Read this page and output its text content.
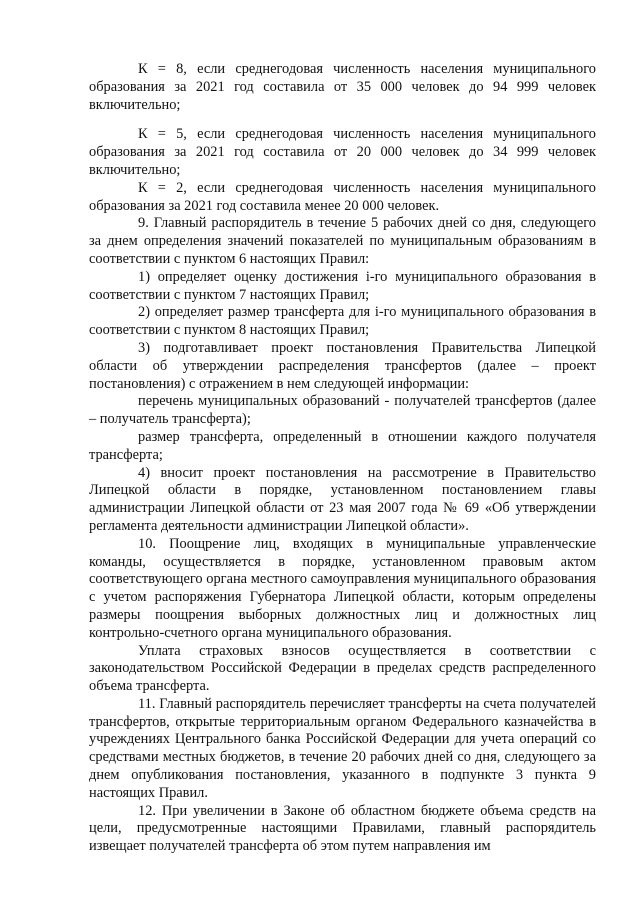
К = 8, если среднегодовая численность населения муниципального образования за 2021 год составила от 35 000 человек до 94 999 человек включительно;

К = 5, если среднегодовая численность населения муниципального образования за 2021 год составила от 20 000 человек до 34 999 человек включительно;

К = 2, если среднегодовая численность населения муниципального образования за 2021 год составила менее 20 000 человек.

9. Главный распорядитель в течение 5 рабочих дней со дня, следующего за днем определения значений показателей по муниципальным образованиям в соответствии с пунктом 6 настоящих Правил:

1) определяет оценку достижения i-го муниципального образования в соответствии с пунктом 7 настоящих Правил;

2) определяет размер трансферта для i-го муниципального образования в соответствии с пунктом 8 настоящих Правил;

3) подготавливает проект постановления Правительства Липецкой области об утверждении распределения трансфертов (далее – проект постановления) с отражением в нем следующей информации:

перечень муниципальных образований - получателей трансфертов (далее – получатель трансферта);

размер трансферта, определенный в отношении каждого получателя трансферта;

4) вносит проект постановления на рассмотрение в Правительство Липецкой области в порядке, установленном постановлением главы администрации Липецкой области от 23 мая 2007 года № 69 «Об утверждении регламента деятельности администрации Липецкой области».

10. Поощрение лиц, входящих в муниципальные управленческие команды, осуществляется в порядке, установленном правовым актом соответствующего органа местного самоуправления муниципального образования с учетом распоряжения Губернатора Липецкой области, которым определены размеры поощрения выборных должностных лиц и должностных лиц контрольно-счетного органа муниципального образования.

Уплата страховых взносов осуществляется в соответствии с законодательством Российской Федерации в пределах средств распределенного объема трансферта.

11. Главный распорядитель перечисляет трансферты на счета получателей трансфертов, открытые территориальным органом Федерального казначейства в учреждениях Центрального банка Российской Федерации для учета операций со средствами местных бюджетов, в течение 20 рабочих дней со дня, следующего за днем опубликования постановления, указанного в подпункте 3 пункта 9 настоящих Правил.

12. При увеличении в Законе об областном бюджете объема средств на цели, предусмотренные настоящими Правилами, главный распорядитель извещает получателей трансферта об этом путем направления им
